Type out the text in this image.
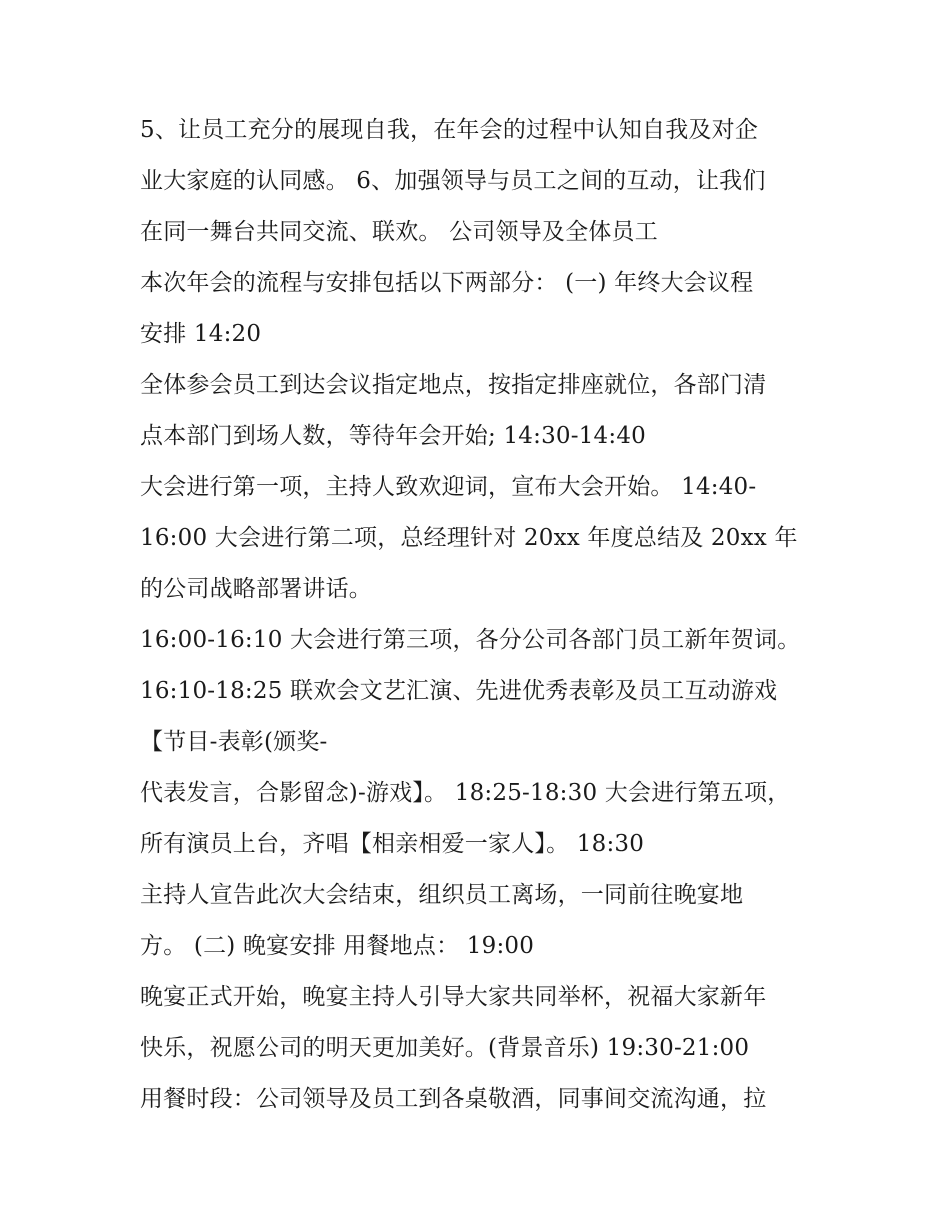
5、让员工充分的展现自我，在年会的过程中认知自我及对企
业大家庭的认同感。 6、加强领导与员工之间的互动，让我们
在同一舞台共同交流、联欢。 公司领导及全体员工
本次年会的流程与安排包括以下两部分： (一) 年终大会议程
安排 14:20
全体参会员工到达会议指定地点，按指定排座就位，各部门清
点本部门到场人数，等待年会开始; 14:30-14:40
大会进行第一项，主持人致欢迎词，宣布大会开始。 14:40-
16:00 大会进行第二项，总经理针对 20xx 年度总结及 20xx 年
的公司战略部署讲话。
16:00-16:10 大会进行第三项，各分公司各部门员工新年贺词。
16:10-18:25 联欢会文艺汇演、先进优秀表彰及员工互动游戏
【节目-表彰(颁奖-
代表发言，合影留念)-游戏】。 18:25-18:30 大会进行第五项，
所有演员上台，齐唱【相亲相爱一家人】。 18:30
主持人宣告此次大会结束，组织员工离场，一同前往晚宴地
方。 (二) 晚宴安排 用餐地点： 19:00
晚宴正式开始，晚宴主持人引导大家共同举杯，祝福大家新年
快乐，祝愿公司的明天更加美好。(背景音乐) 19:30-21:00
用餐时段：公司领导及员工到各桌敬酒，同事间交流沟通，拉
